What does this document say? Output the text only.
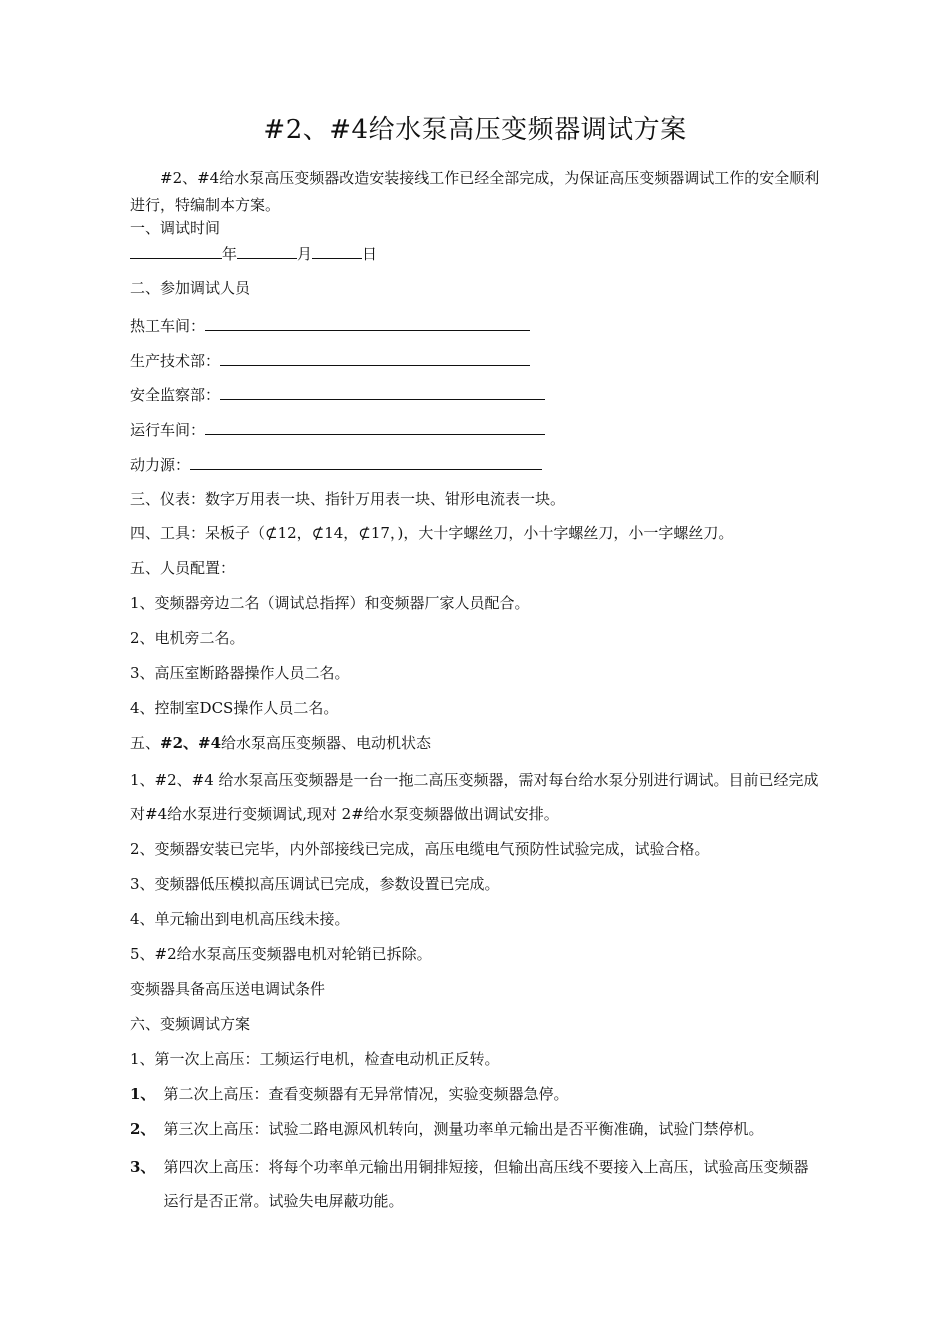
#2、#4给水泵高压变频器调试方案
#2、#4给水泵高压变频器改造安装接线工作已经全部完成，为保证高压变频器调试工作的安全顺利进行，特编制本方案。
一、调试时间
年	月	日
二、参加调试人员
热工车间：
生产技术部：
安全监察部：
运行车间：
动力源：
三、仪表：数字万用表一块、指针万用表一块、钳形电流表一块。
四、工具：呆板子（⊄12，⊄14，⊄17，)，大十字螺丝刀，小十字螺丝刀，小一字螺丝刀。
五、人员配置：
1、变频器旁边二名（调试总指挥）和变频器厂家人员配合。
2、电机旁二名。
3、高压室断路器操作人员二名。
4、控制室DCS操作人员二名。
五、#2、#4给水泵高压变频器、电动机状态
1、#2、#4 给水泵高压变频器是一台一拖二高压变频器，需对每台给水泵分别进行调试。目前已经完成对#4给水泵进行变频调试,现对 2#给水泵变频器做出调试安排。
2、变频器安装已完毕，内外部接线已完成，高压电缆电气预防性试验完成，试验合格。
3、变频器低压模拟高压调试已完成，参数设置已完成。
4、单元输出到电机高压线未接。
5、#2给水泵高压变频器电机对轮销已拆除。
变频器具备高压送电调试条件
六、变频调试方案
1、第一次上高压：工频运行电机，检查电动机正反转。
1、 第二次上高压：查看变频器有无异常情况，实验变频器急停。
2、 第三次上高压：试验二路电源风机转向，测量功率单元输出是否平衡准确，试验门禁停机。
3、 第四次上高压：将每个功率单元输出用铜排短接，但输出高压线不要接入上高压，试验高压变频器运行是否正常。试验失电屏蔽功能。
